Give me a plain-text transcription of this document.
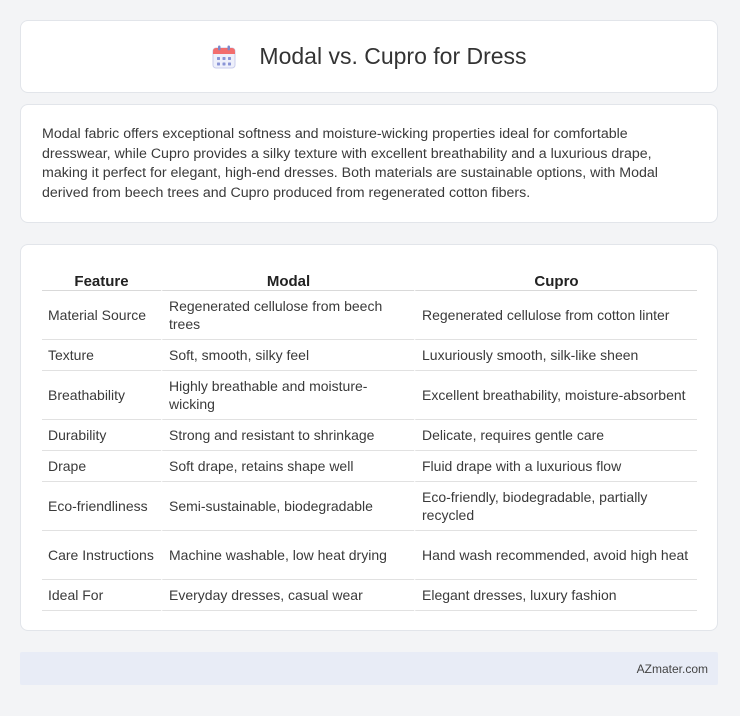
Modal vs. Cupro for Dress

Modal fabric offers exceptional softness and moisture-wicking properties ideal for comfortable dresswear, while Cupro provides a silky texture with excellent breathability and a luxurious drape, making it perfect for elegant, high-end dresses. Both materials are sustainable options, with Modal derived from beech trees and Cupro produced from regenerated cotton fibers.

Feature	Modal	Cupro
Material Source	Regenerated cellulose from beech trees	Regenerated cellulose from cotton linter
Texture	Soft, smooth, silky feel	Luxuriously smooth, silk-like sheen
Breathability	Highly breathable and moisture-wicking	Excellent breathability, moisture-absorbent
Durability	Strong and resistant to shrinkage	Delicate, requires gentle care
Drape	Soft drape, retains shape well	Fluid drape with a luxurious flow
Eco-friendliness	Semi-sustainable, biodegradable	Eco-friendly, biodegradable, partially recycled
Care Instructions	Machine washable, low heat drying	Hand wash recommended, avoid high heat
Ideal For	Everyday dresses, casual wear	Elegant dresses, luxury fashion
AZmater.com
